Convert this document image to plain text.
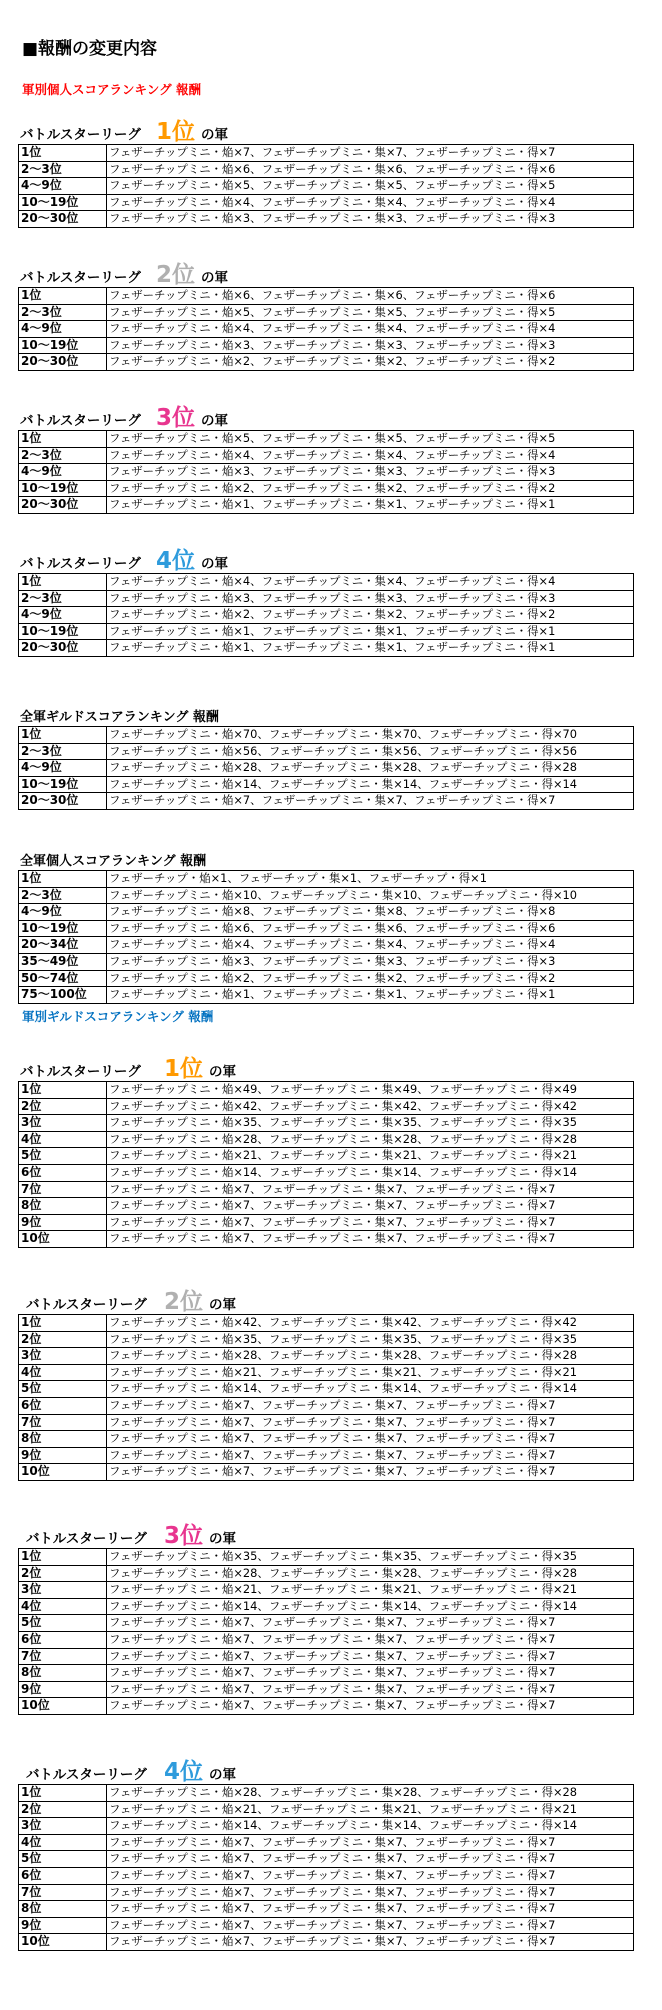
■報酬の変更内容
軍別個人スコアランキング 報酬
軍別ギルドスコアランキング 報酬
バトルスターリーグ 1位 の軍
1位	フェザーチップミニ・焔×7、フェザーチップミニ・集×7、フェザーチップミニ・得×7
2～3位	フェザーチップミニ・焔×6、フェザーチップミニ・集×6、フェザーチップミニ・得×6
4～9位	フェザーチップミニ・焔×5、フェザーチップミニ・集×5、フェザーチップミニ・得×5
10～19位	フェザーチップミニ・焔×4、フェザーチップミニ・集×4、フェザーチップミニ・得×4
20～30位	フェザーチップミニ・焔×3、フェザーチップミニ・集×3、フェザーチップミニ・得×3
バトルスターリーグ 2位 の軍
1位	フェザーチップミニ・焔×6、フェザーチップミニ・集×6、フェザーチップミニ・得×6
2～3位	フェザーチップミニ・焔×5、フェザーチップミニ・集×5、フェザーチップミニ・得×5
4～9位	フェザーチップミニ・焔×4、フェザーチップミニ・集×4、フェザーチップミニ・得×4
10～19位	フェザーチップミニ・焔×3、フェザーチップミニ・集×3、フェザーチップミニ・得×3
20～30位	フェザーチップミニ・焔×2、フェザーチップミニ・集×2、フェザーチップミニ・得×2
バトルスターリーグ 3位 の軍
1位	フェザーチップミニ・焔×5、フェザーチップミニ・集×5、フェザーチップミニ・得×5
2～3位	フェザーチップミニ・焔×4、フェザーチップミニ・集×4、フェザーチップミニ・得×4
4～9位	フェザーチップミニ・焔×3、フェザーチップミニ・集×3、フェザーチップミニ・得×3
10～19位	フェザーチップミニ・焔×2、フェザーチップミニ・集×2、フェザーチップミニ・得×2
20～30位	フェザーチップミニ・焔×1、フェザーチップミニ・集×1、フェザーチップミニ・得×1
バトルスターリーグ 4位 の軍
1位	フェザーチップミニ・焔×4、フェザーチップミニ・集×4、フェザーチップミニ・得×4
2～3位	フェザーチップミニ・焔×3、フェザーチップミニ・集×3、フェザーチップミニ・得×3
4～9位	フェザーチップミニ・焔×2、フェザーチップミニ・集×2、フェザーチップミニ・得×2
10～19位	フェザーチップミニ・焔×1、フェザーチップミニ・集×1、フェザーチップミニ・得×1
20～30位	フェザーチップミニ・焔×1、フェザーチップミニ・集×1、フェザーチップミニ・得×1
全軍ギルドスコアランキング 報酬
1位	フェザーチップミニ・焔×70、フェザーチップミニ・集×70、フェザーチップミニ・得×70
2～3位	フェザーチップミニ・焔×56、フェザーチップミニ・集×56、フェザーチップミニ・得×56
4～9位	フェザーチップミニ・焔×28、フェザーチップミニ・集×28、フェザーチップミニ・得×28
10～19位	フェザーチップミニ・焔×14、フェザーチップミニ・集×14、フェザーチップミニ・得×14
20～30位	フェザーチップミニ・焔×7、フェザーチップミニ・集×7、フェザーチップミニ・得×7
全軍個人スコアランキング 報酬
1位	フェザーチップ・焔×1、フェザーチップ・集×1、フェザーチップ・得×1
2～3位	フェザーチップミニ・焔×10、フェザーチップミニ・集×10、フェザーチップミニ・得×10
4～9位	フェザーチップミニ・焔×8、フェザーチップミニ・集×8、フェザーチップミニ・得×8
10～19位	フェザーチップミニ・焔×6、フェザーチップミニ・集×6、フェザーチップミニ・得×6
20～34位	フェザーチップミニ・焔×4、フェザーチップミニ・集×4、フェザーチップミニ・得×4
35～49位	フェザーチップミニ・焔×3、フェザーチップミニ・集×3、フェザーチップミニ・得×3
50～74位	フェザーチップミニ・焔×2、フェザーチップミニ・集×2、フェザーチップミニ・得×2
75～100位	フェザーチップミニ・焔×1、フェザーチップミニ・集×1、フェザーチップミニ・得×1
バトルスターリーグ 1位 の軍
1位	フェザーチップミニ・焔×49、フェザーチップミニ・集×49、フェザーチップミニ・得×49
2位	フェザーチップミニ・焔×42、フェザーチップミニ・集×42、フェザーチップミニ・得×42
3位	フェザーチップミニ・焔×35、フェザーチップミニ・集×35、フェザーチップミニ・得×35
4位	フェザーチップミニ・焔×28、フェザーチップミニ・集×28、フェザーチップミニ・得×28
5位	フェザーチップミニ・焔×21、フェザーチップミニ・集×21、フェザーチップミニ・得×21
6位	フェザーチップミニ・焔×14、フェザーチップミニ・集×14、フェザーチップミニ・得×14
7位	フェザーチップミニ・焔×7、フェザーチップミニ・集×7、フェザーチップミニ・得×7
8位	フェザーチップミニ・焔×7、フェザーチップミニ・集×7、フェザーチップミニ・得×7
9位	フェザーチップミニ・焔×7、フェザーチップミニ・集×7、フェザーチップミニ・得×7
10位	フェザーチップミニ・焔×7、フェザーチップミニ・集×7、フェザーチップミニ・得×7
バトルスターリーグ 2位 の軍
1位	フェザーチップミニ・焔×42、フェザーチップミニ・集×42、フェザーチップミニ・得×42
2位	フェザーチップミニ・焔×35、フェザーチップミニ・集×35、フェザーチップミニ・得×35
3位	フェザーチップミニ・焔×28、フェザーチップミニ・集×28、フェザーチップミニ・得×28
4位	フェザーチップミニ・焔×21、フェザーチップミニ・集×21、フェザーチップミニ・得×21
5位	フェザーチップミニ・焔×14、フェザーチップミニ・集×14、フェザーチップミニ・得×14
6位	フェザーチップミニ・焔×7、フェザーチップミニ・集×7、フェザーチップミニ・得×7
7位	フェザーチップミニ・焔×7、フェザーチップミニ・集×7、フェザーチップミニ・得×7
8位	フェザーチップミニ・焔×7、フェザーチップミニ・集×7、フェザーチップミニ・得×7
9位	フェザーチップミニ・焔×7、フェザーチップミニ・集×7、フェザーチップミニ・得×7
10位	フェザーチップミニ・焔×7、フェザーチップミニ・集×7、フェザーチップミニ・得×7
バトルスターリーグ 3位 の軍
1位	フェザーチップミニ・焔×35、フェザーチップミニ・集×35、フェザーチップミニ・得×35
2位	フェザーチップミニ・焔×28、フェザーチップミニ・集×28、フェザーチップミニ・得×28
3位	フェザーチップミニ・焔×21、フェザーチップミニ・集×21、フェザーチップミニ・得×21
4位	フェザーチップミニ・焔×14、フェザーチップミニ・集×14、フェザーチップミニ・得×14
5位	フェザーチップミニ・焔×7、フェザーチップミニ・集×7、フェザーチップミニ・得×7
6位	フェザーチップミニ・焔×7、フェザーチップミニ・集×7、フェザーチップミニ・得×7
7位	フェザーチップミニ・焔×7、フェザーチップミニ・集×7、フェザーチップミニ・得×7
8位	フェザーチップミニ・焔×7、フェザーチップミニ・集×7、フェザーチップミニ・得×7
9位	フェザーチップミニ・焔×7、フェザーチップミニ・集×7、フェザーチップミニ・得×7
10位	フェザーチップミニ・焔×7、フェザーチップミニ・集×7、フェザーチップミニ・得×7
バトルスターリーグ 4位 の軍
1位	フェザーチップミニ・焔×28、フェザーチップミニ・集×28、フェザーチップミニ・得×28
2位	フェザーチップミニ・焔×21、フェザーチップミニ・集×21、フェザーチップミニ・得×21
3位	フェザーチップミニ・焔×14、フェザーチップミニ・集×14、フェザーチップミニ・得×14
4位	フェザーチップミニ・焔×7、フェザーチップミニ・集×7、フェザーチップミニ・得×7
5位	フェザーチップミニ・焔×7、フェザーチップミニ・集×7、フェザーチップミニ・得×7
6位	フェザーチップミニ・焔×7、フェザーチップミニ・集×7、フェザーチップミニ・得×7
7位	フェザーチップミニ・焔×7、フェザーチップミニ・集×7、フェザーチップミニ・得×7
8位	フェザーチップミニ・焔×7、フェザーチップミニ・集×7、フェザーチップミニ・得×7
9位	フェザーチップミニ・焔×7、フェザーチップミニ・集×7、フェザーチップミニ・得×7
10位	フェザーチップミニ・焔×7、フェザーチップミニ・集×7、フェザーチップミニ・得×7
